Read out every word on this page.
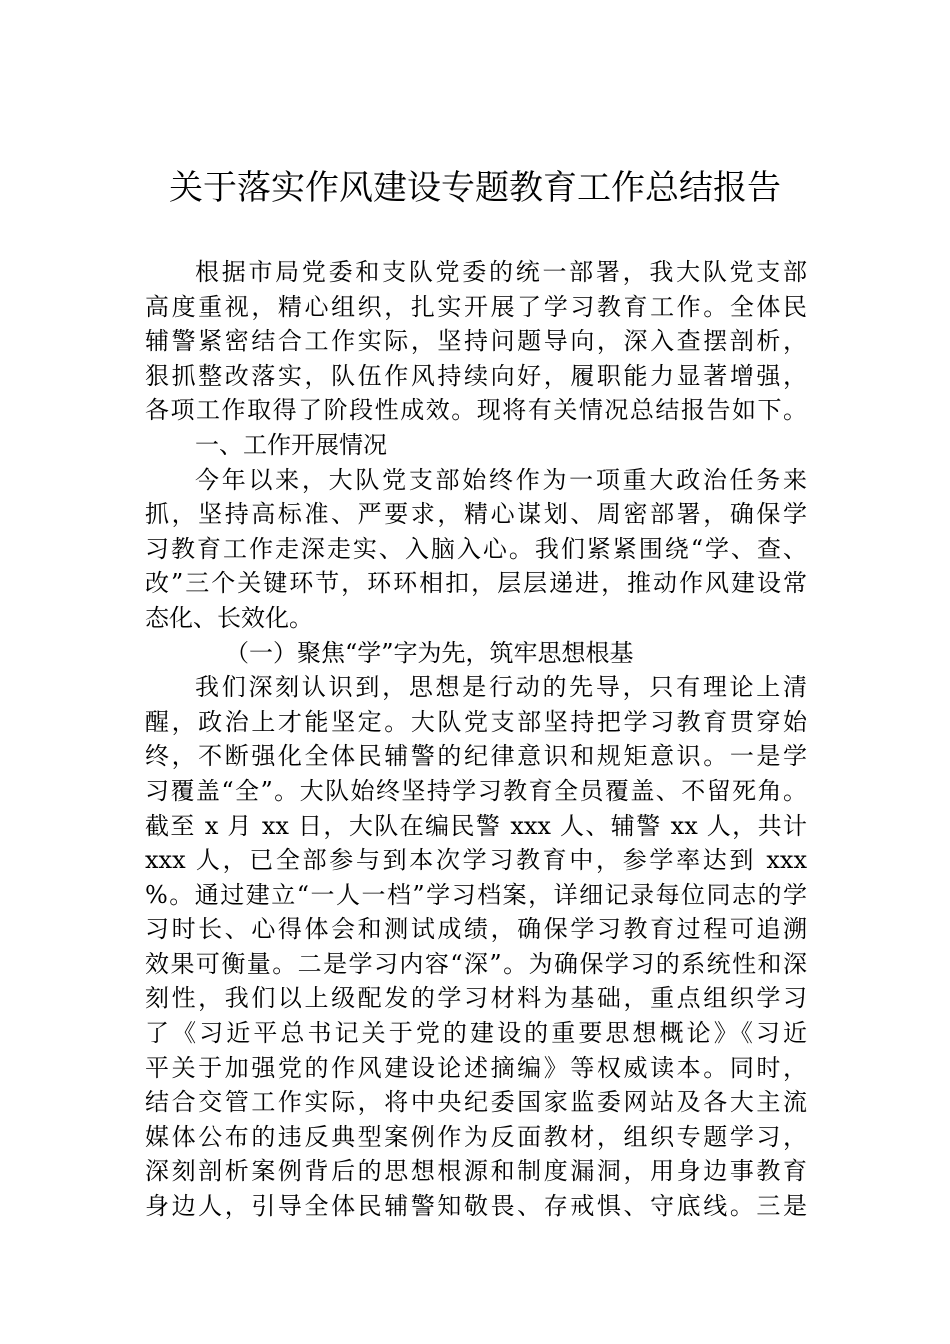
关于落实作风建设专题教育工作总结报告
根据市局党委和支队党委的统一部署，我大队党支部
高度重视，精心组织，扎实开展了学习教育工作。全体民
辅警紧密结合工作实际，坚持问题导向，深入查摆剖析，
狠抓整改落实，队伍作风持续向好，履职能力显著增强，
各项工作取得了阶段性成效。现将有关情况总结报告如下。
一、工作开展情况
今年以来，大队党支部始终作为一项重大政治任务来
抓，坚持高标准、严要求，精心谋划、周密部署，确保学
习教育工作走深走实、入脑入心。我们紧紧围绕“学、查、
改”三个关键环节，环环相扣，层层递进，推动作风建设常
态化、长效化。
（一）聚焦“学”字为先，筑牢思想根基
我们深刻认识到，思想是行动的先导，只有理论上清
醒，政治上才能坚定。大队党支部坚持把学习教育贯穿始
终，不断强化全体民辅警的纪律意识和规矩意识。一是学
习覆盖“全”。大队始终坚持学习教育全员覆盖、不留死角。
截至 x 月 xx 日，大队在编民警 xxx 人、辅警 xx 人，共计
xxx 人，已全部参与到本次学习教育中，参学率达到 xxx
%。通过建立“一人一档”学习档案，详细记录每位同志的学
习时长、心得体会和测试成绩，确保学习教育过程可追溯
效果可衡量。二是学习内容“深”。为确保学习的系统性和深
刻性，我们以上级配发的学习材料为基础，重点组织学习
了《习近平总书记关于党的建设的重要思想概论》《习近
平关于加强党的作风建设论述摘编》等权威读本。同时，
结合交管工作实际，将中央纪委国家监委网站及各大主流
媒体公布的违反典型案例作为反面教材，组织专题学习，
深刻剖析案例背后的思想根源和制度漏洞，用身边事教育
身边人，引导全体民辅警知敬畏、存戒惧、守底线。三是
